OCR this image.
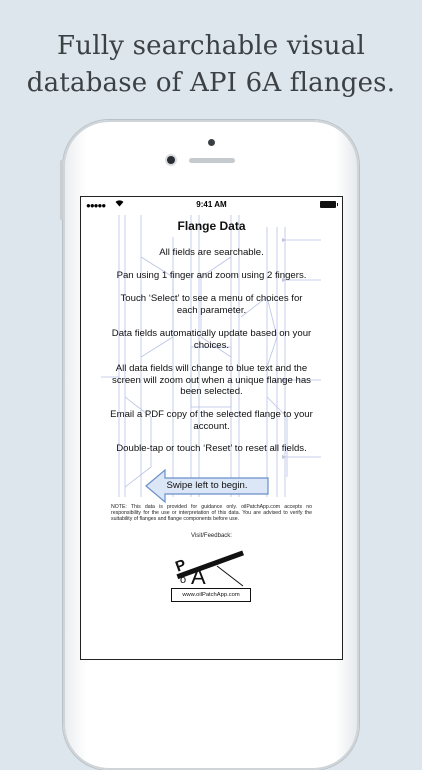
Fully searchable visual
database of API 6A flanges.
●●●●●	9:41 AM
Flange Data
All fields are searchable.
Pan using 1 finger and zoom using 2 fingers.
Touch ‘Select’ to see a menu of choices for each parameter.
Data fields automatically update based on your choices.
All data fields will change to blue text and the screen will zoom out when a unique flange has been selected.
Email a PDF copy of the selected flange to your account.
Double-tap or touch ‘Reset’ to reset all fields.
Swipe left to begin.
NOTE: This data is provided for guidance only. oilPatchApp.com accepts no responsibility for the use or interpretation of this data. You are advised to verify the suitability of flanges and flange components before use.
Visit/Feedback:
P
o A
www.oilPatchApp.com
